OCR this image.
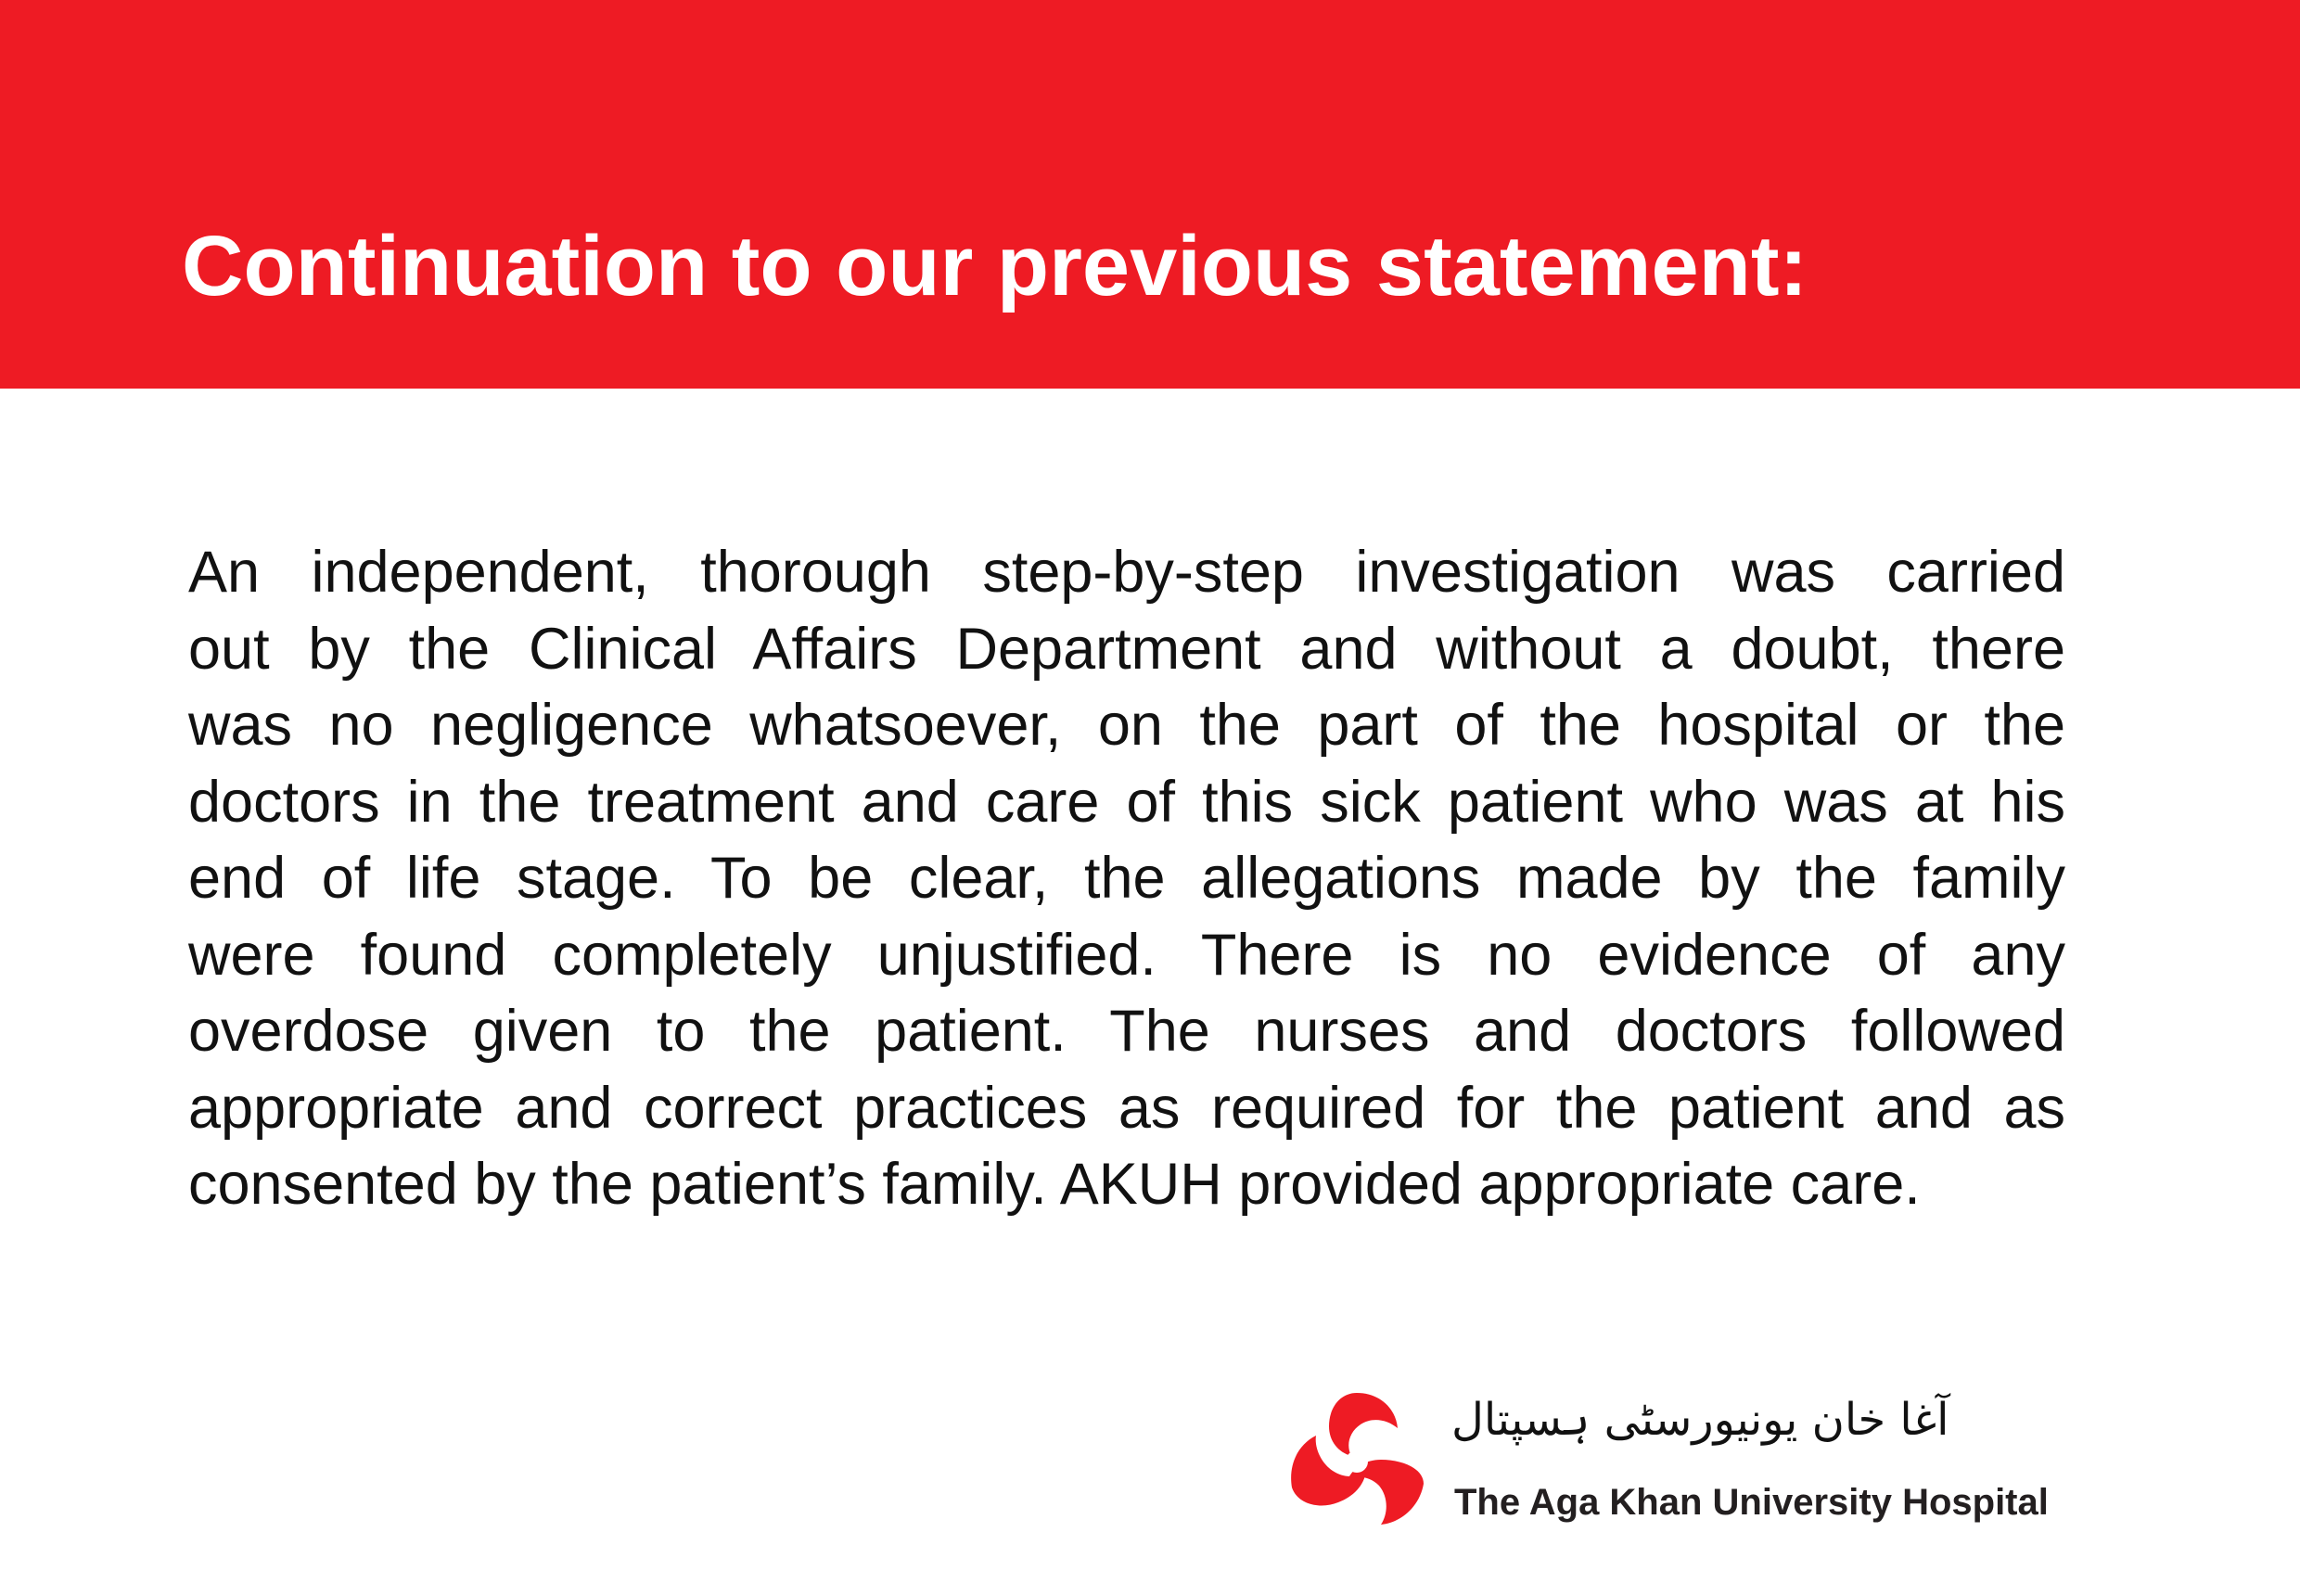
Continuation to our previous statement:
An independent, thorough step-by-step investigation was carried
out by the Clinical Affairs Department and without a doubt, there
was no negligence whatsoever, on the part of the hospital or the
doctors in the treatment and care of this sick patient who was at his
end of life stage. To be clear, the allegations made by the family
were found completely unjustified. There is no evidence of any
overdose given to the patient. The nurses and doctors followed
appropriate and correct practices as required for the patient and as
consented by the patient’s family. AKUH provided appropriate care.
آغا خان یونیورسٹی ہسپتال
The Aga Khan University Hospital
